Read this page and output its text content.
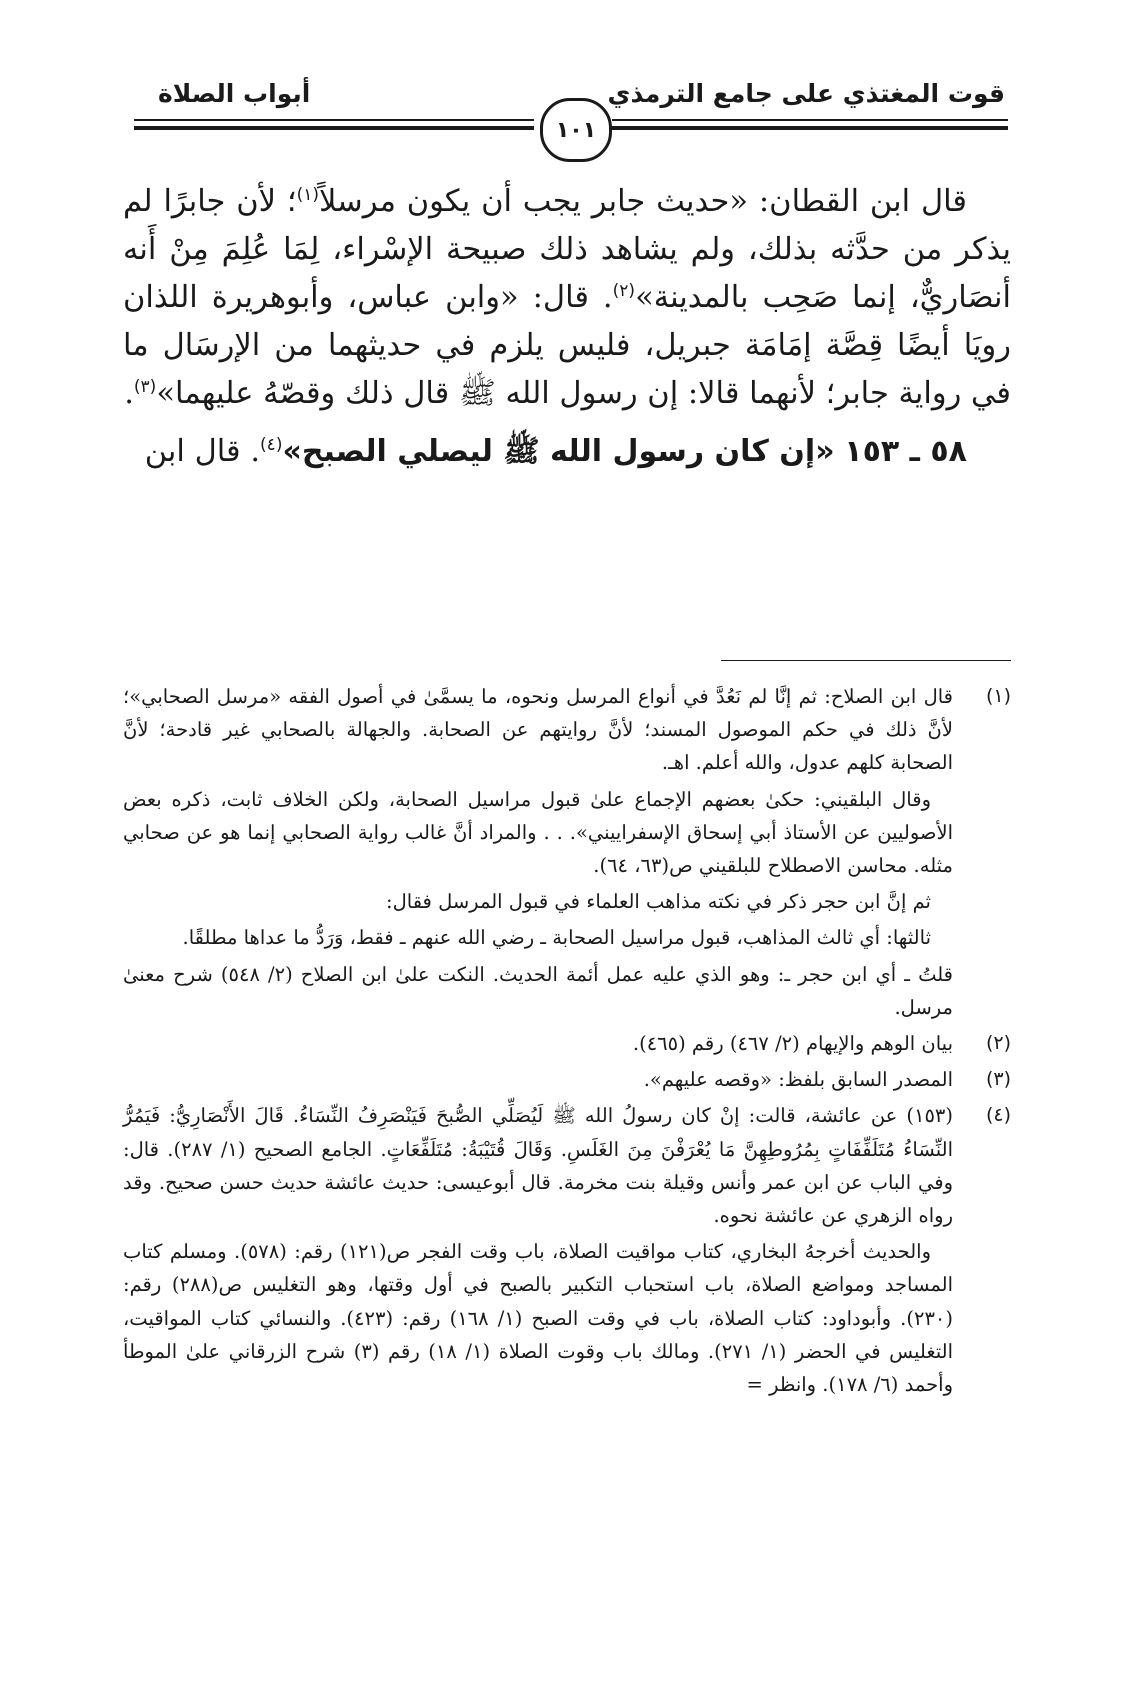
قوت المغتذي على جامع الترمذي
أبواب الصلاة
١٠١

قال ابن القطان: «حديث جابر يجب أن يكون مرسلاً$^{(١)}$؛ لأن جابرًا لم يذكر من حدَّثه بذلك، ولم يشاهد ذلك صبيحة الإسْراء، لِمَا عُلِمَ مِنْ أَنه أنصَاريٌّ، إنما صَحِب بالمدينة»$^{(٢)}$. قال: «وابن عباس، وأبوهريرة اللذان رويَا أيضًا قِصَّة إمَامَة جبريل، فليس يلزم في حديثهما من الإرسَال ما في رواية جابر؛ لأنهما قالا: إن رسول الله ﷺ قال ذلك وقصّهُ عليهما»$^{(٣)}$.

٥٨ ـ ١٥٣ «إن كان رسول الله ﷺ ليصلي الصبح»$^{(٤)}$. قال ابن

(١)

قال ابن الصلاح: ثم إنَّا لم نَعُدَّ في أنواع المرسل ونحوه، ما يسمَّىٰ في أصول الفقه «مرسل الصحابي»؛ لأنَّ ذلك في حكم الموصول المسند؛ لأنَّ روايتهم عن الصحابة. والجهالة بالصحابي غير قادحة؛ لأنَّ الصحابة كلهم عدول، والله أعلم. اهـ.

وقال البلقيني: حكىٰ بعضهم الإجماع علىٰ قبول مراسيل الصحابة، ولكن الخلاف ثابت، ذكره بعض الأصوليين عن الأستاذ أبي إسحاق الإسفراييني». . . والمراد أنَّ غالب رواية الصحابي إنما هو عن صحابي مثله. محاسن الاصطلاح للبلقيني ص(٦٣، ٦٤).

ثم إنَّ ابن حجر ذكر في نكته مذاهب العلماء في قبول المرسل فقال:

ثالثها: أي ثالث المذاهب، قبول مراسيل الصحابة ـ رضي الله عنهم ـ فقط، وَرَدُّ ما عداها مطلقًا.

قلتُ ـ أي ابن حجر ـ: وهو الذي عليه عمل أئمة الحديث. النكت علىٰ ابن الصلاح (٢/ ٥٤٨) شرح معنىٰ مرسل.

(٢)

بيان الوهم والإيهام (٢/ ٤٦٧) رقم (٤٦٥).

(٣)

المصدر السابق بلفظ: «وقصه عليهم».

(٤)

(١٥٣) عن عائشة، قالت: إنْ كان رسولُ الله ﷺ لَيُصَلِّي الصُّبحَ فَيَنْصَرِفُ النِّسَاءُ. قَالَ الأَنْصَارِيُّ: فَيَمُرُّ النِّسَاءُ مُتَلَفِّفَاتٍ بِمُرُوطِهِنَّ مَا يُعْرَفْنَ مِنَ الغَلَسِ. وَقَالَ قُتَيْبَةُ: مُتَلَفِّعَاتٍ. الجامع الصحيح (١/ ٢٨٧). قال: وفي الباب عن ابن عمر وأنس وقيلة بنت مخرمة. قال أبوعيسى: حديث عائشة حديث حسن صحيح. وقد رواه الزهري عن عائشة نحوه.

والحديث أخرجهُ البخاري، كتاب مواقيت الصلاة، باب وقت الفجر ص(١٢١) رقم: (٥٧٨). ومسلم كتاب المساجد ومواضع الصلاة، باب استحباب التكبير بالصبح في أول وقتها، وهو التغليس ص(٢٨٨) رقم: (٢٣٠). وأبوداود: كتاب الصلاة، باب في وقت الصبح (١/ ١٦٨) رقم: (٤٢٣). والنسائي كتاب المواقيت، التغليس في الحضر (١/ ٢٧١). ومالك باب وقوت الصلاة (١/ ١٨) رقم (٣) شرح الزرقاني علىٰ الموطأ وأحمد (٦/ ١٧٨). وانظر =
